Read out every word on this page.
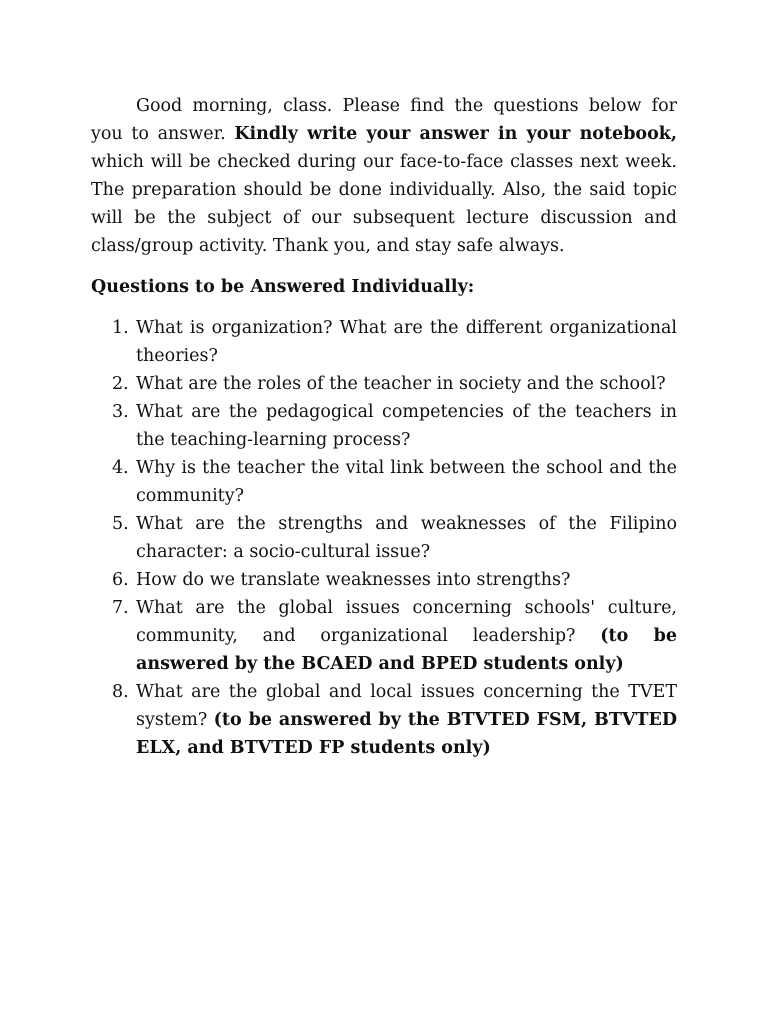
Good morning, class. Please find the questions below for you to answer. Kindly write your answer in your notebook, which will be checked during our face-to-face classes next week. The preparation should be done individually. Also, the said topic will be the subject of our subsequent lecture discussion and class/group activity. Thank you, and stay safe always.

Questions to be Answered Individually:

1. What is organization? What are the different organizational theories?
2. What are the roles of the teacher in society and the school?
3. What are the pedagogical competencies of the teachers in the teaching-learning process?
4. Why is the teacher the vital link between the school and the community?
5. What are the strengths and weaknesses of the Filipino character: a socio-cultural issue?
6. How do we translate weaknesses into strengths?
7. What are the global issues concerning schools' culture, community, and organizational leadership? (to be answered by the BCAED and BPED students only)
8. What are the global and local issues concerning the TVET system? (to be answered by the BTVTED FSM, BTVTED ELX, and BTVTED FP students only)
